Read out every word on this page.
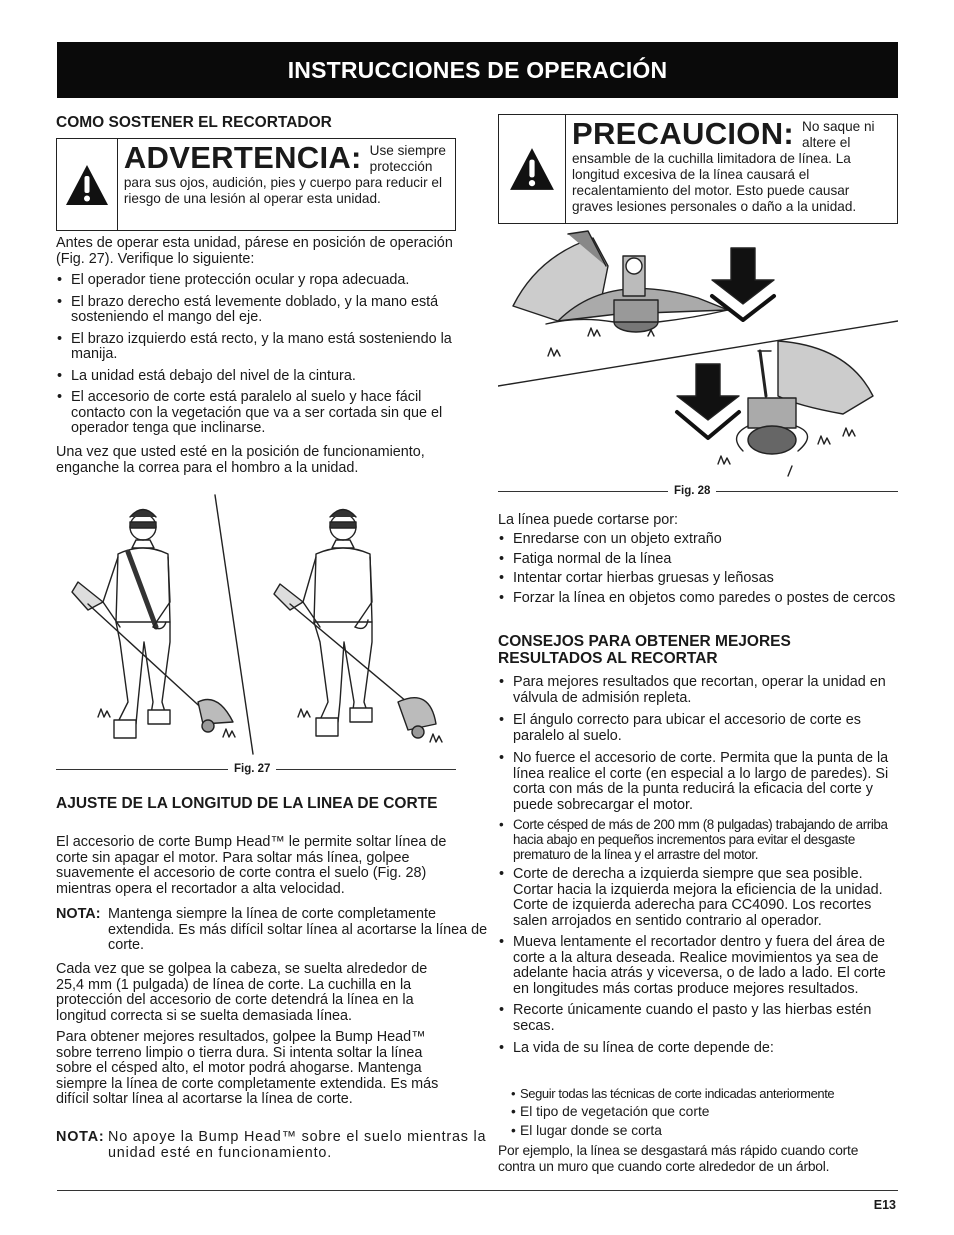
INSTRUCCIONES DE OPERACIÓN
COMO SOSTENER EL RECORTADOR
ADVERTENCIA: Use siempre protección para sus ojos, audición, pies y cuerpo para reducir el riesgo de una lesión al operar esta unidad.

Antes de operar esta unidad, párese en posición de operación (Fig. 27). Verifique lo siguiente:

• El operador tiene protección ocular y ropa adecuada.
• El brazo derecho está levemente doblado, y la mano está sosteniendo el mango del eje.
• El brazo izquierdo está recto, y la mano está sosteniendo la manija.
• La unidad está debajo del nivel de la cintura.
• El accesorio de corte está paralelo al suelo y hace fácil contacto con la vegetación que va a ser cortada sin que el operador tenga que inclinarse.

Una vez que usted esté en la posición de funcionamiento, enganche la correa para el hombro a la unidad.

Fig. 27
AJUSTE DE LA LONGITUD DE LA LINEA DE CORTE

El accesorio de corte Bump Head™ le permite soltar línea de corte sin apagar el motor. Para soltar más línea, golpee suavemente el accesorio de corte contra el suelo (Fig. 28) mientras opera el recortador a alta velocidad.

NOTA: Mantenga siempre la línea de corte completamente extendida. Es más difícil soltar línea al acortarse la línea de corte.

Cada vez que se golpea la cabeza, se suelta alrededor de 25,4 mm (1 pulgada) de línea de corte. La cuchilla en la protección del accesorio de corte detendrá la línea en la longitud correcta si se suelta demasiada línea.

Para obtener mejores resultados, golpee la Bump Head™ sobre terreno limpio o tierra dura. Si intenta soltar la línea sobre el césped alto, el motor podrá ahogarse. Mantenga siempre la línea de corte completamente extendida. Es más difícil soltar línea al acortarse la línea de corte.

NOTA: No apoye la Bump Head™ sobre el suelo mientras la unidad esté en funcionamiento.
PRECAUCION: No saque ni altere el ensamble de la cuchilla limitadora de línea. La longitud excesiva de la línea causará el recalentamiento del motor. Esto puede causar graves lesiones personales o daño a la unidad.
Fig. 28

La línea puede cortarse por:

• Enredarse con un objeto extraño
• Fatiga normal de la línea
• Intentar cortar hierbas gruesas y leñosas
• Forzar la línea en objetos como paredes o postes de cercos
CONSEJOS PARA OBTENER MEJORES RESULTADOS AL RECORTAR
• Para mejores resultados que recortan, operar la unidad en válvula de admisión repleta.
• El ángulo correcto para ubicar el accesorio de corte es paralelo al suelo.
• No fuerce el accesorio de corte. Permita que la punta de la línea realice el corte (en especial a lo largo de paredes). Si corta con más de la punta reducirá la eficacia del corte y puede sobrecargar el motor.
• Corte césped de más de 200 mm (8 pulgadas) trabajando de arriba hacia abajo en pequeños incrementos para evitar el desgaste prematuro de la línea y el arrastre del motor.
• Corte de derecha a izquierda siempre que sea posible. Cortar hacia la izquierda mejora la eficiencia de la unidad. Corte de izquierda aderecha para CC4090. Los recortes salen arrojados en sentido contrario al operador.
• Mueva lentamente el recortador dentro y fuera del área de corte a la altura deseada. Realice movimientos ya sea de adelante hacia atrás y viceversa, o de lado a lado. El corte en longitudes más cortas produce mejores resultados.
• Recorte únicamente cuando el pasto y las hierbas estén secas.
• La vida de su línea de corte depende de:
• Seguir todas las técnicas de corte indicadas anteriormente
• El tipo de vegetación que corte
• El lugar donde se corta

Por ejemplo, la línea se desgastará más rápido cuando corte contra un muro que cuando corte alrededor de un árbol.

E13
